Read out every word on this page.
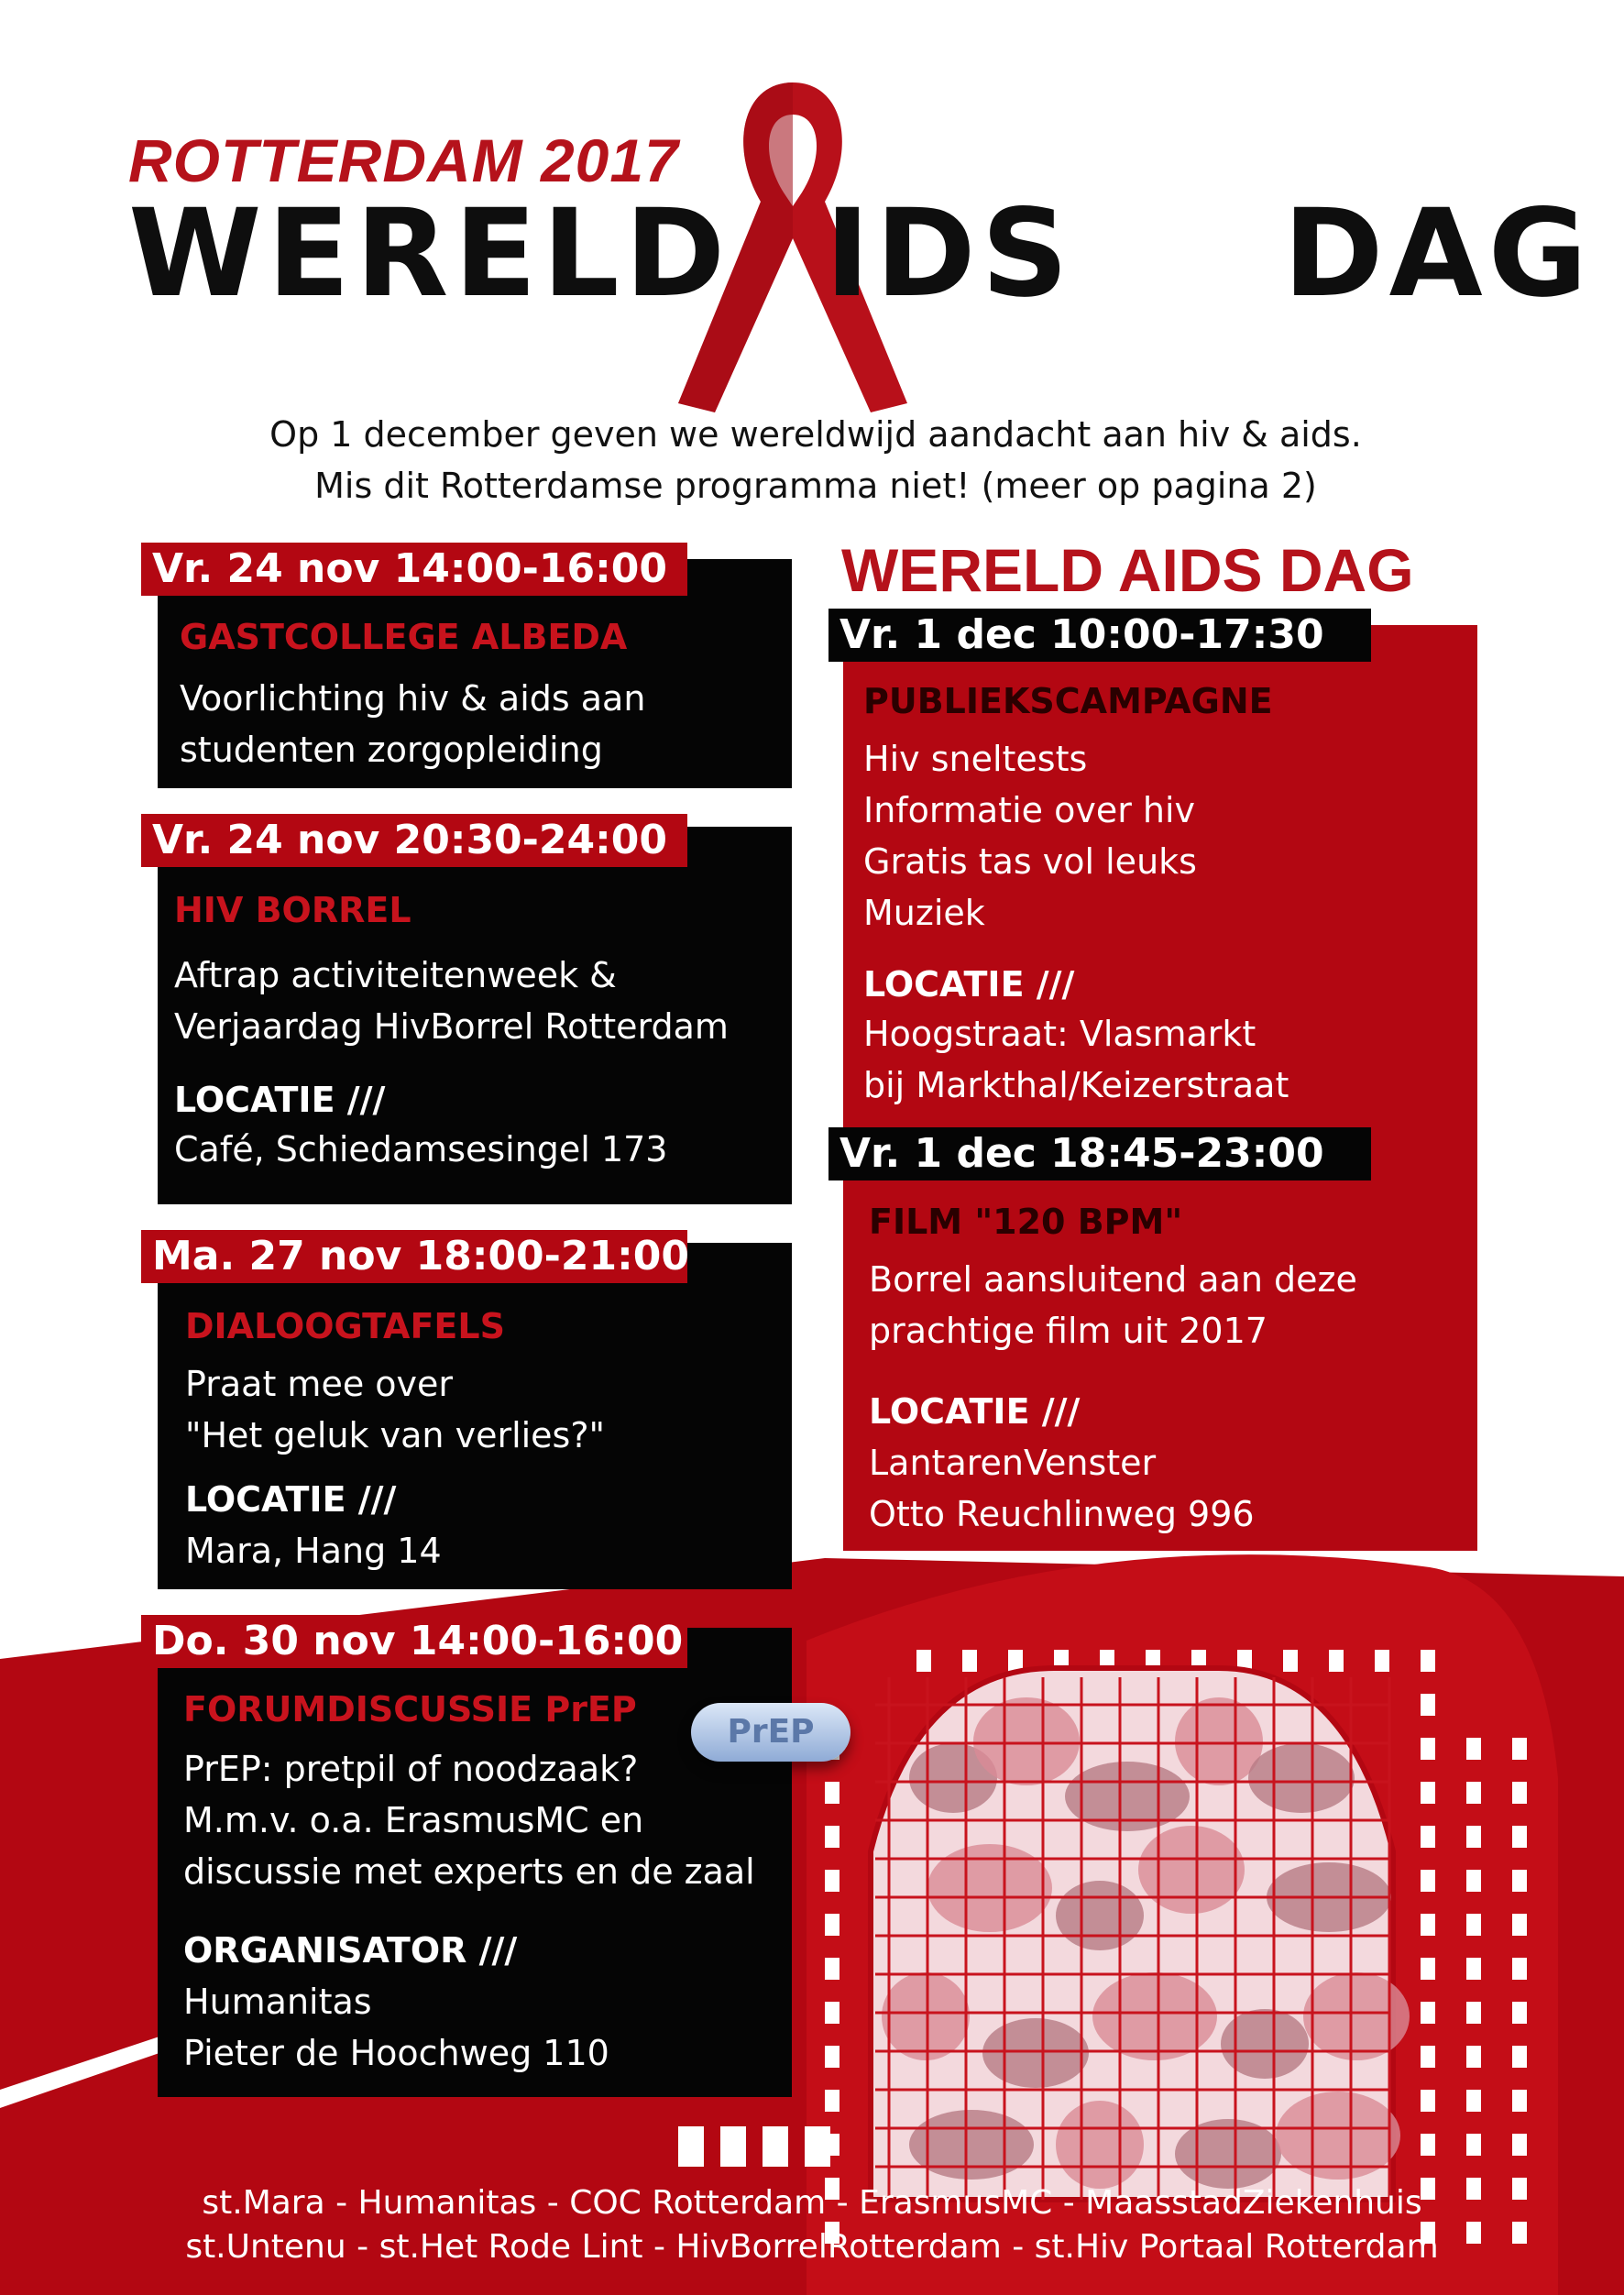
ROTTERDAM 2017
WERELD IDS DAG
Op 1 december geven we wereldwijd aandacht aan hiv & aids.
Mis dit Rotterdamse programma niet! (meer op pagina 2)
Vr. 24 nov 14:00-16:00
GASTCOLLEGE ALBEDA
Voorlichting hiv & aids aan
studenten zorgopleiding
Vr. 24 nov 20:30-24:00
HIV BORREL
Aftrap activiteitenweek &
Verjaardag HivBorrel Rotterdam
LOCATIE ///
Café, Schiedamsesingel 173
Ma. 27 nov 18:00-21:00
DIALOOGTAFELS
Praat mee over
"Het geluk van verlies?"
LOCATIE ///
Mara, Hang 14
Do. 30 nov 14:00-16:00
FORUMDISCUSSIE PrEP
PrEP: pretpil of noodzaak?
M.m.v. o.a. ErasmusMC en
discussie met experts en de zaal
ORGANISATOR ///
Humanitas
Pieter de Hoochweg 110
PrEP
WERELD AIDS DAG
Vr. 1 dec 10:00-17:30
PUBLIEKSCAMPAGNE
Hiv sneltests
Informatie over hiv
Gratis tas vol leuks
Muziek
LOCATIE ///
Hoogstraat: Vlasmarkt
bij Markthal/Keizerstraat
Vr. 1 dec 18:45-23:00
FILM "120 BPM"
Borrel aansluitend aan deze
prachtige film uit 2017
LOCATIE ///
LantarenVenster
Otto Reuchlinweg 996
st.Mara - Humanitas - COC Rotterdam - ErasmusMC - MaasstadZiekenhuis
st.Untenu - st.Het Rode Lint - HivBorrelRotterdam - st.Hiv Portaal Rotterdam
